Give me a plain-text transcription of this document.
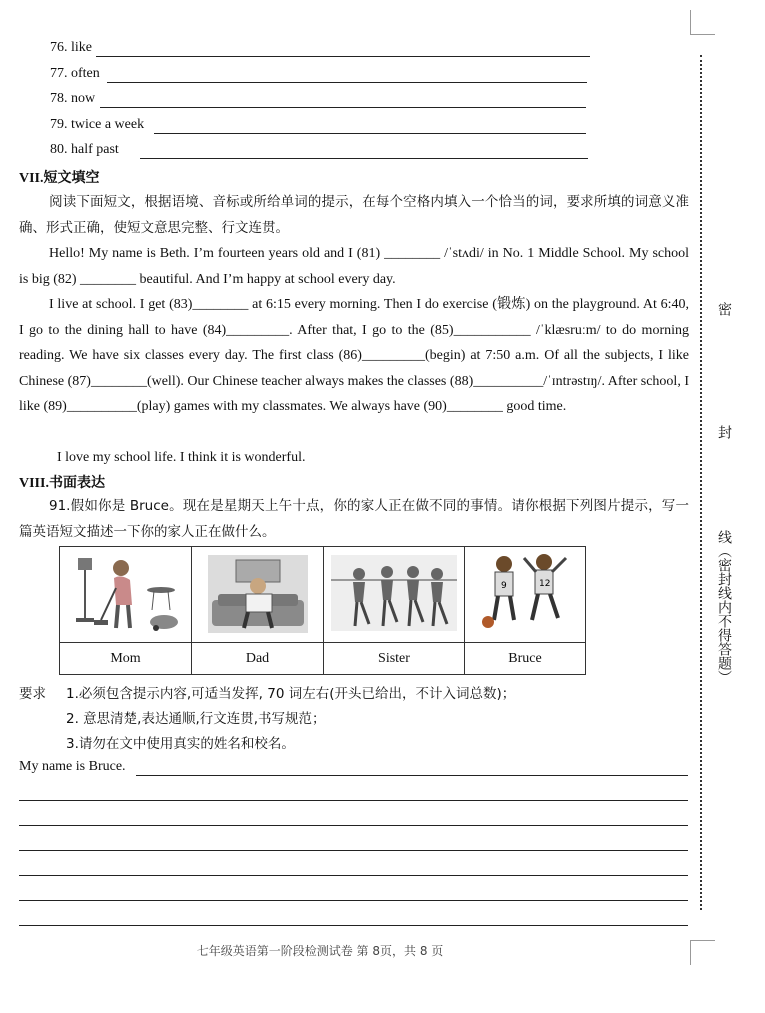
76. like
77. often
78. now
79. twice a week
80. half past
VII.短文填空

阅读下面短文，根据语境、音标或所给单词的提示，在每个空格内填入一个恰当的词，要求所填的词意义准确、形式正确，使短文意思完整、行文连贯。

Hello! My name is Beth. I’m fourteen years old and I (81) ________ /ˈstʌdi/ in No. 1 Middle School. My school is big (82) ________ beautiful. And I’m happy at school every day.

I live at school. I get (83)________ at 6:15 every morning. Then I do exercise (锻炼) on the playground. At 6:40, I go to the dining hall to have (84)_________. After that, I go to the (85)___________ /ˈklæsruːm/ to do morning reading. We have six classes every day. The first class (86)_________(begin) at 7:50 a.m. Of all the subjects, I like Chinese (87)________(well). Our Chinese teacher always makes the classes (88)__________/ˈɪntrəstɪŋ/. After school, I like (89)__________(play) games with my classmates. We always have (90)________ good time.

I love my school life. I think it is wonderful.

VIII.书面表达

91.假如你是 Bruce。现在是星期天上午十点，你的家人正在做不同的事情。请你根据下列图片提示，写一篇英语短文描述一下你的家人正在做什么。

9 12

Mom	Dad	Sister	Bruce
要求 1.必须包含提示内容,可适当发挥, 70 词左右(开头已给出，不计入词总数)；
2. 意思清楚,表达通顺,行文连贯,书写规范；
3.请勿在文中使用真实的姓名和校名。
My name is Bruce.
七年级英语第一阶段检测试卷 第 8页，共 8 页
密
封
线（密封线内不得答题）
